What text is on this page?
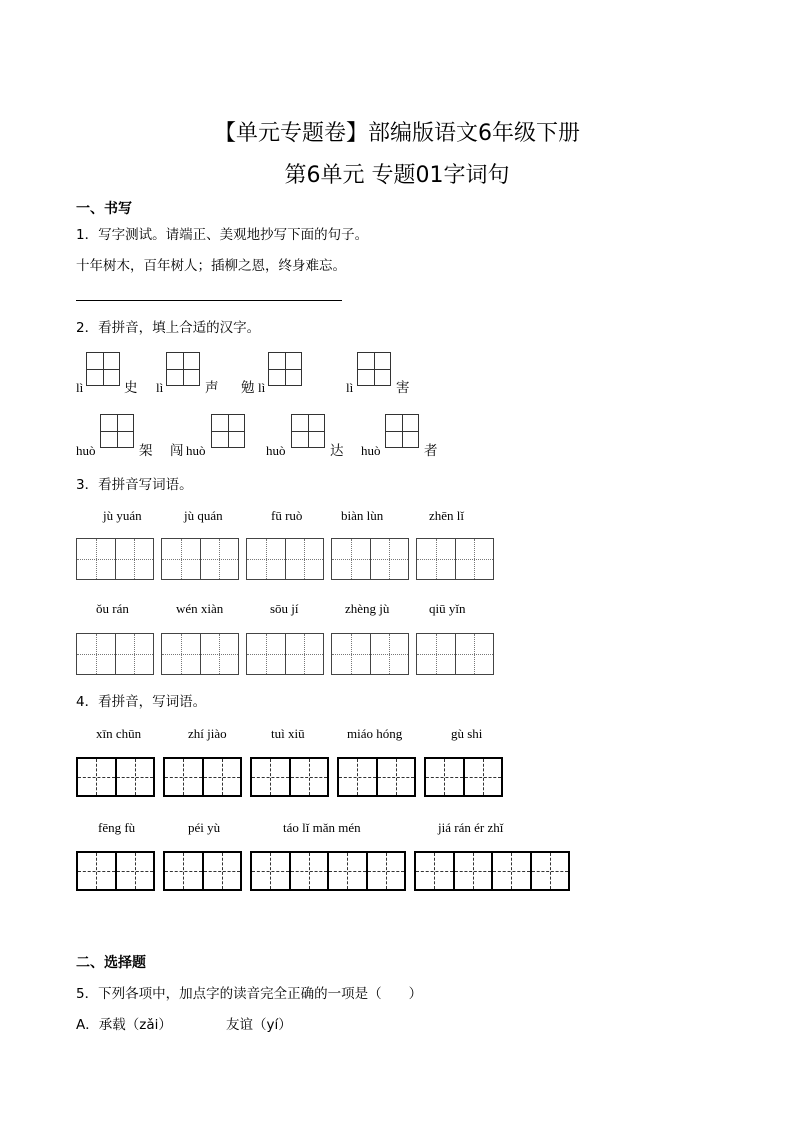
【单元专题卷】部编版语文6年级下册
第6单元 专题01字词句
一、书写
1．写字测试。请端正、美观地抄写下面的句子。
十年树木，百年树人；插柳之恩，终身难忘。
2．看拼音，填上合适的汉字。
lì	史 lì	声 勉 lì	lì	害
huò	架 闯 huò	huò	达 huò	者
3．看拼音写词语。
jù yuán	jù quán	fū ruò	biàn lùn	zhēn lǐ
ǒu rán	wén xiàn	sōu jí	zhèng jù	qiū yǐn
4．看拼音，写词语。
xīn chūn	zhí jiào	tuì xiū	miáo hóng	gù shi
fēng fù	péi yù	táo lǐ mǎn mén	jiá rán ér zhǐ
二、选择题
5．下列各项中，加点字的读音完全正确的一项是（　　）
A．承载（zǎi）	友谊（yí）
